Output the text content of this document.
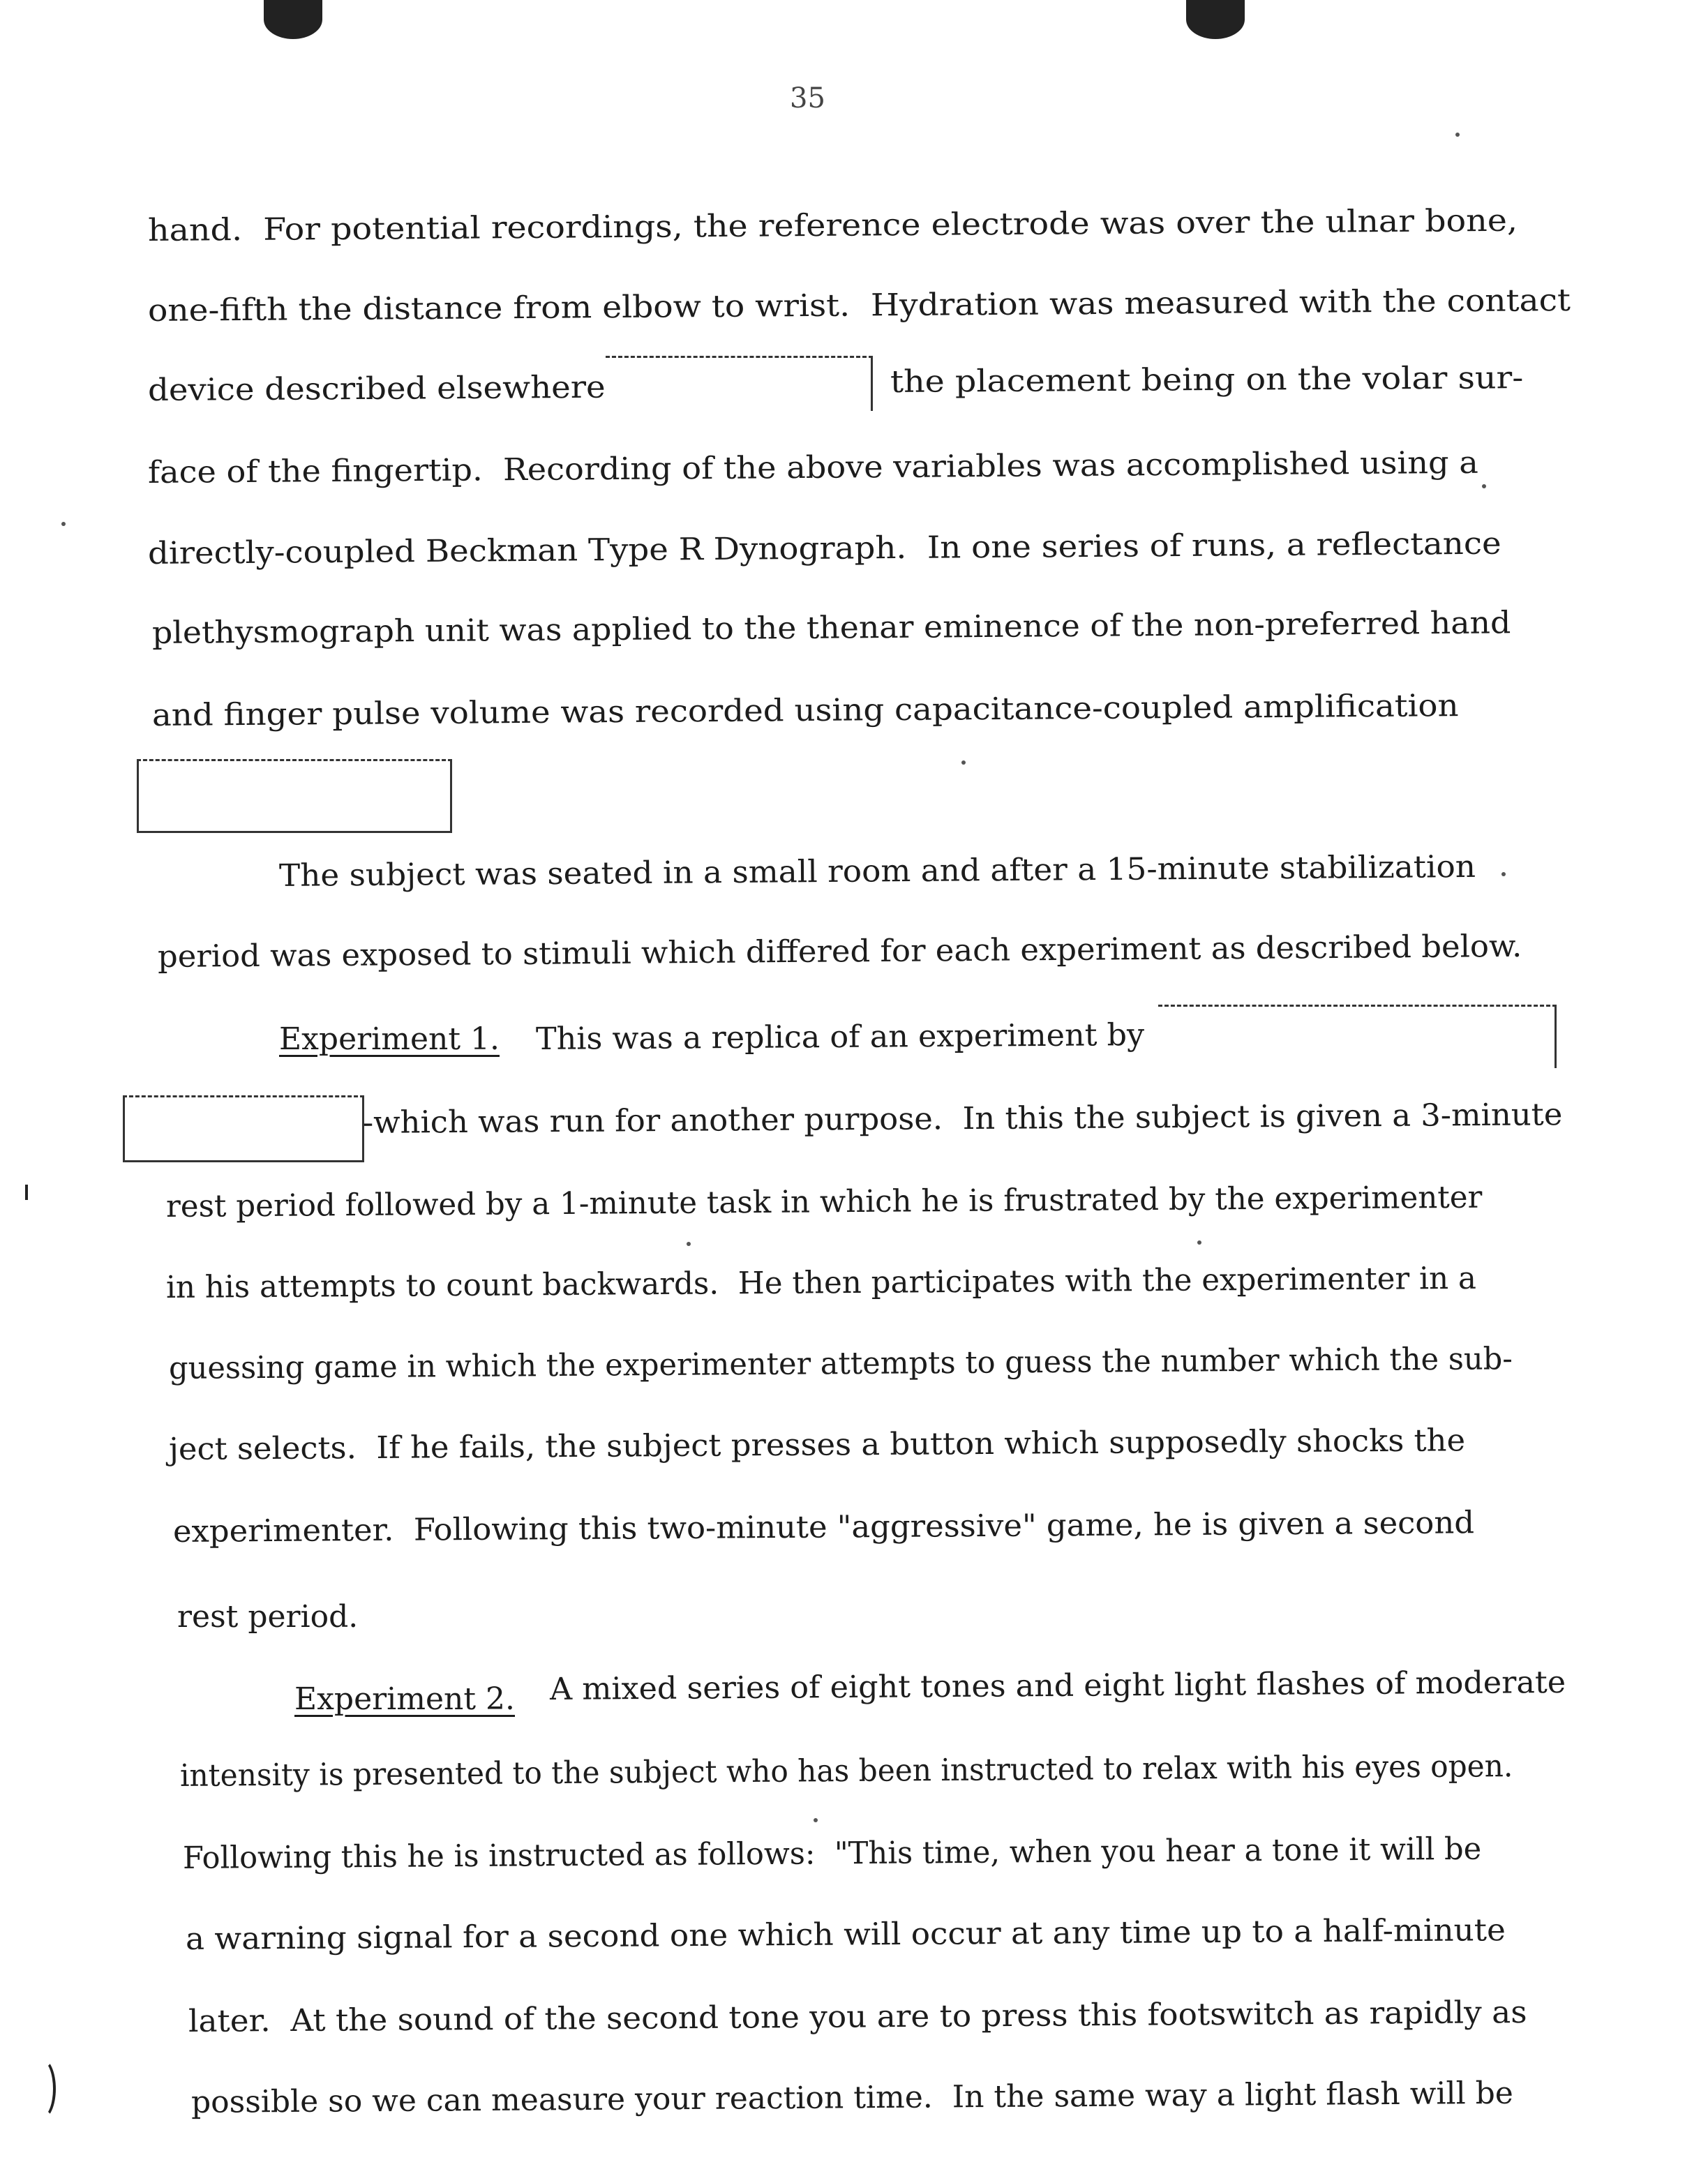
35
hand.  For potential recordings, the reference electrode was over the ulnar bone,
one-fifth the distance from elbow to wrist.  Hydration was measured with the contact
device described elsewhere	the placement being on the volar sur-
face of the fingertip.  Recording of the above variables was accomplished using a
directly-coupled Beckman Type R Dynograph.  In one series of runs, a reflectance
plethysmograph unit was applied to the thenar eminence of the non-preferred hand
and finger pulse volume was recorded using capacitance-coupled amplification
The subject was seated in a small room and after a 15-minute stabilization
period was exposed to stimuli which differed for each experiment as described below.
Experiment 1. This was a replica of an experiment by
-which was run for another purpose.  In this the subject is given a 3-minute
rest period followed by a 1-minute task in which he is frustrated by the experimenter
in his attempts to count backwards.  He then participates with the experimenter in a
guessing game in which the experimenter attempts to guess the number which the sub-
ject selects.  If he fails, the subject presses a button which supposedly shocks the
experimenter.  Following this two-minute "aggressive" game, he is given a second
rest period.
Experiment 2. A mixed series of eight tones and eight light flashes of moderate
intensity is presented to the subject who has been instructed to relax with his eyes open.
Following this he is instructed as follows:  "This time, when you hear a tone it will be
a warning signal for a second one which will occur at any time up to a half-minute
later.  At the sound of the second tone you are to press this footswitch as rapidly as
possible so we can measure your reaction time.  In the same way a light flash will be
